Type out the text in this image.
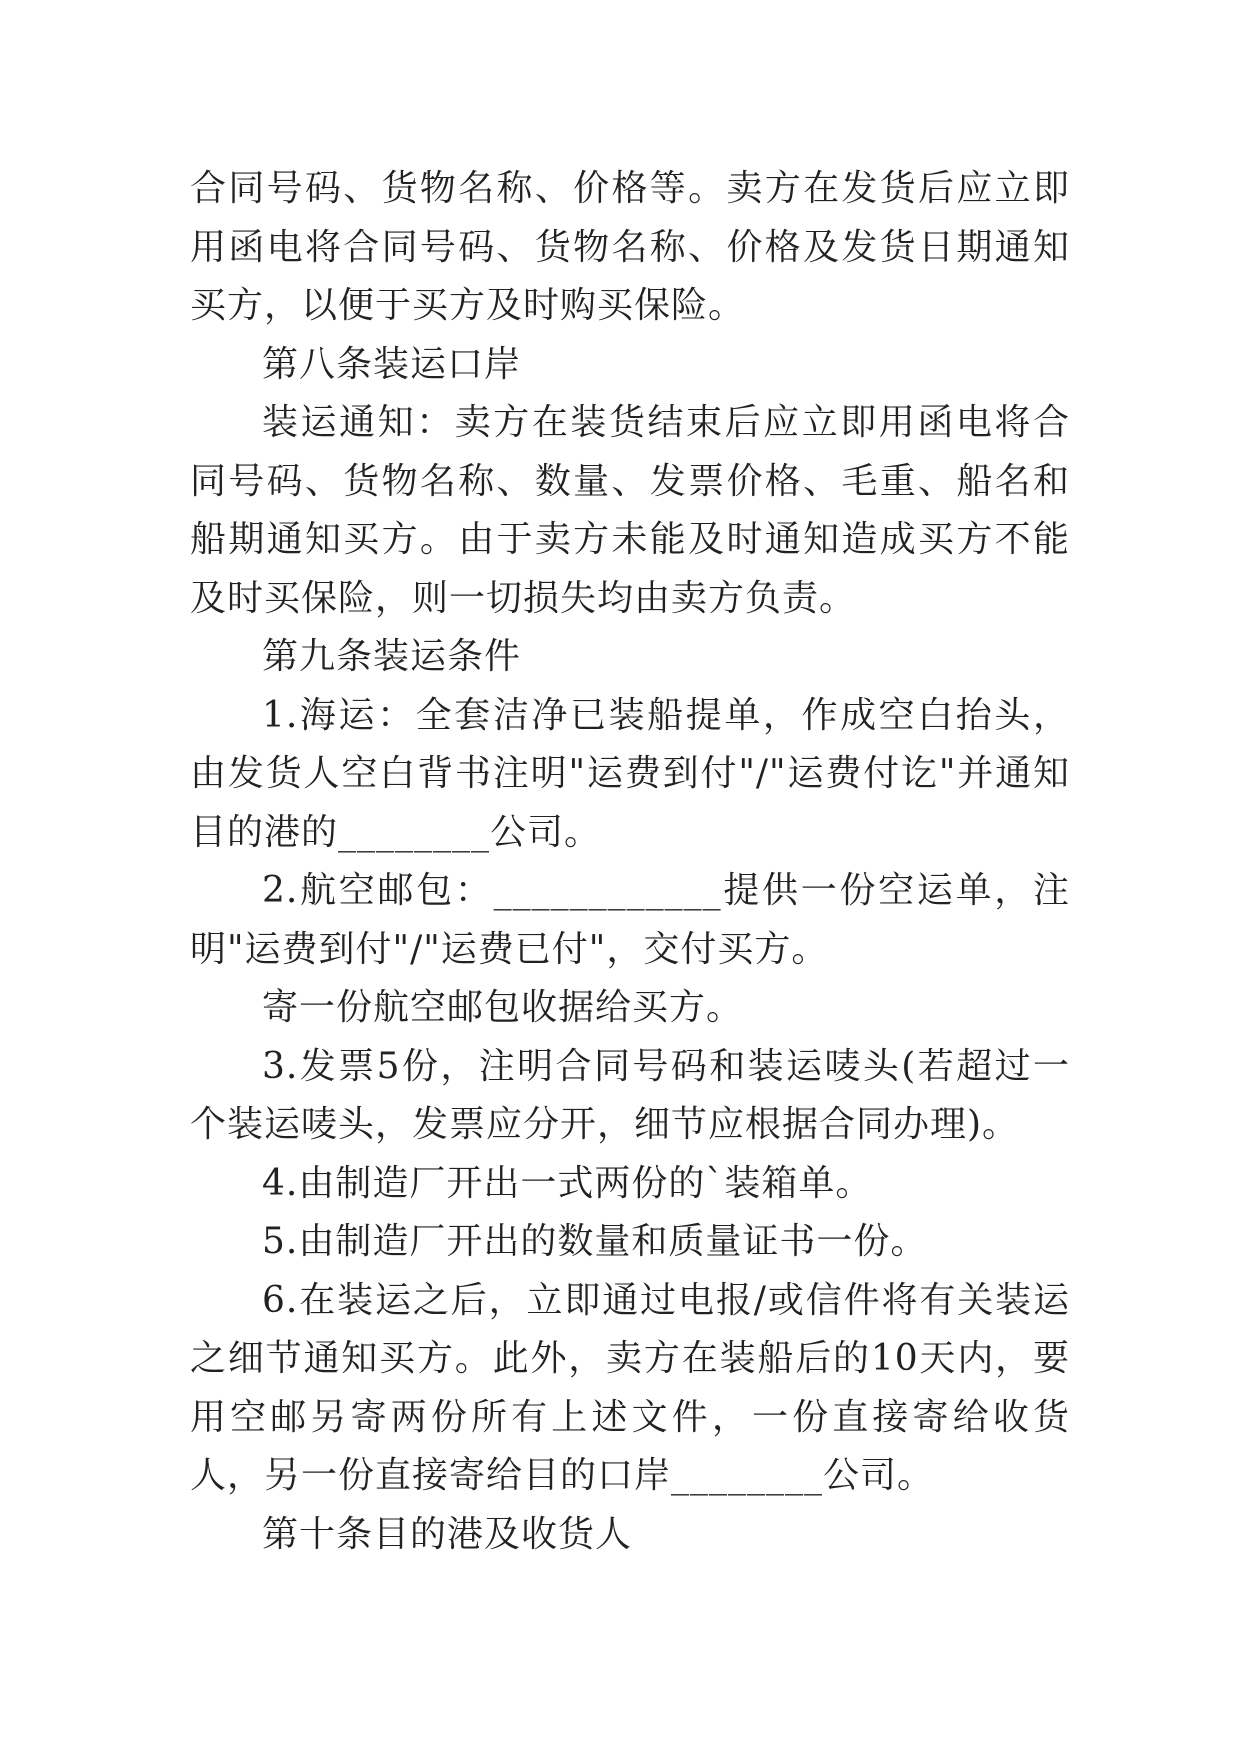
合同号码、货物名称、价格等。卖方在发货后应立即用函电将合同号码、货物名称、价格及发货日期通知买方，以便于买方及时购买保险。

第八条装运口岸

装运通知：卖方在装货结束后应立即用函电将合同号码、货物名称、数量、发票价格、毛重、船名和船期通知买方。由于卖方未能及时通知造成买方不能及时买保险，则一切损失均由卖方负责。

第九条装运条件

1.海运：全套洁净已装船提单，作成空白抬头，由发货人空白背书注明"运费到付"/"运费付讫"并通知目的港的________公司。

2.航空邮包：____________提供一份空运单，注明"运费到付"/"运费已付"，交付买方。

寄一份航空邮包收据给买方。

3.发票5份，注明合同号码和装运唛头(若超过一个装运唛头，发票应分开，细节应根据合同办理)。

4.由制造厂开出一式两份的`装箱单。

5.由制造厂开出的数量和质量证书一份。

6.在装运之后，立即通过电报/或信件将有关装运之细节通知买方。此外，卖方在装船后的10天内，要用空邮另寄两份所有上述文件，一份直接寄给收货人，另一份直接寄给目的口岸________公司。

第十条目的港及收货人
